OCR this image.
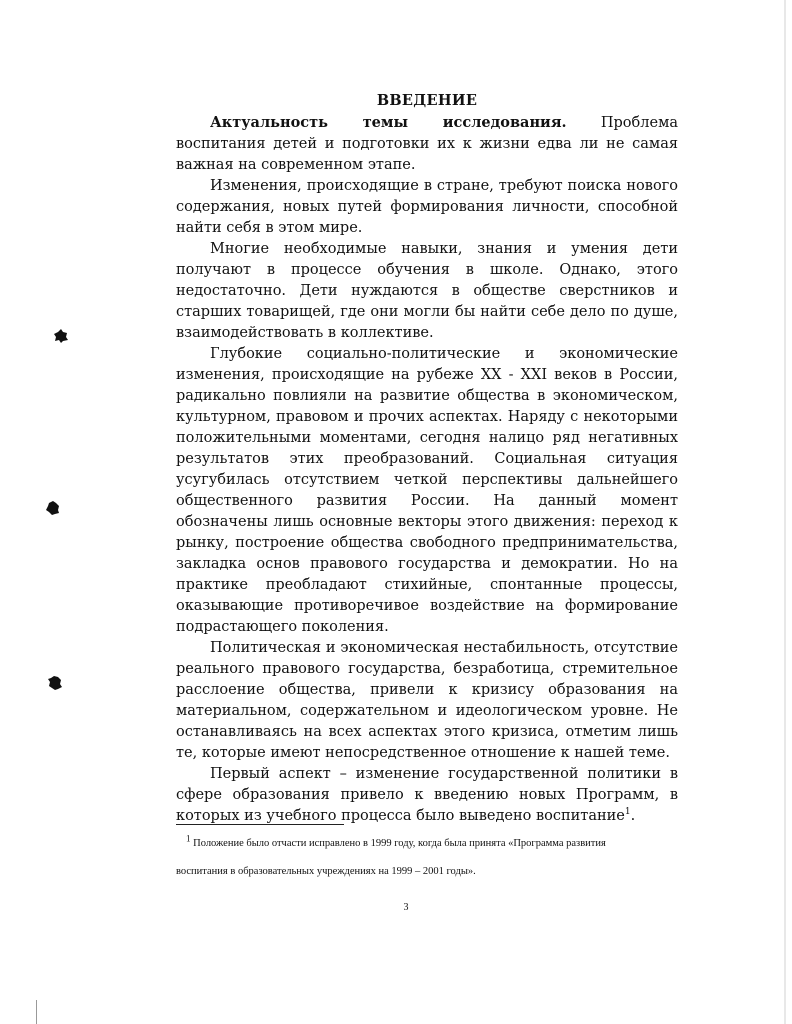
ВВЕДЕНИЕ

Актуальность темы исследования. Проблема воспитания детей и подготовки их к жизни едва ли не самая важная на современном этапе.

Изменения, происходящие в стране, требуют поиска нового содержания, новых путей формирования личности, способной найти себя в этом мире.

Многие необходимые навыки, знания и умения дети получают в процессе обучения в школе. Однако, этого недостаточно. Дети нуждаются в обществе сверстников и старших товарищей, где они могли бы найти себе дело по душе, взаимодействовать в коллективе.

Глубокие социально-политические и экономические изменения, происходящие на рубеже XX - XXI веков в России, радикально повлияли на развитие общества в экономическом, культурном, правовом и прочих аспектах. Наряду с некоторыми положительными моментами, сегодня налицо ряд негативных результатов этих преобразований. Социальная ситуация усугубилась отсутствием четкой перспективы дальнейшего общественного развития России. На данный момент обозначены лишь основные векторы этого движения: переход к рынку, построение общества свободного предпринимательства, закладка основ правового государства и демократии. Но на практике преобладают стихийные, спонтанные процессы, оказывающие противоречивое воздействие на формирование подрастающего поколения.

Политическая и экономическая нестабильность, отсутствие реального правового государства, безработица, стремительное расслоение общества, привели к кризису образования на материальном, содержательном и идеологическом уровне. Не останавливаясь на всех аспектах этого кризиса, отметим лишь те, которые имеют непосредственное отношение к нашей теме.

Первый аспект – изменение государственной политики в сфере образования привело к введению новых Программ, в которых из учебного процесса было выведено воспитание$^1$.

$^1$ Положение было отчасти исправлено в 1999 году, когда была принята «Программа развития воспитания в образовательных учреждениях на 1999 – 2001 годы».
3
